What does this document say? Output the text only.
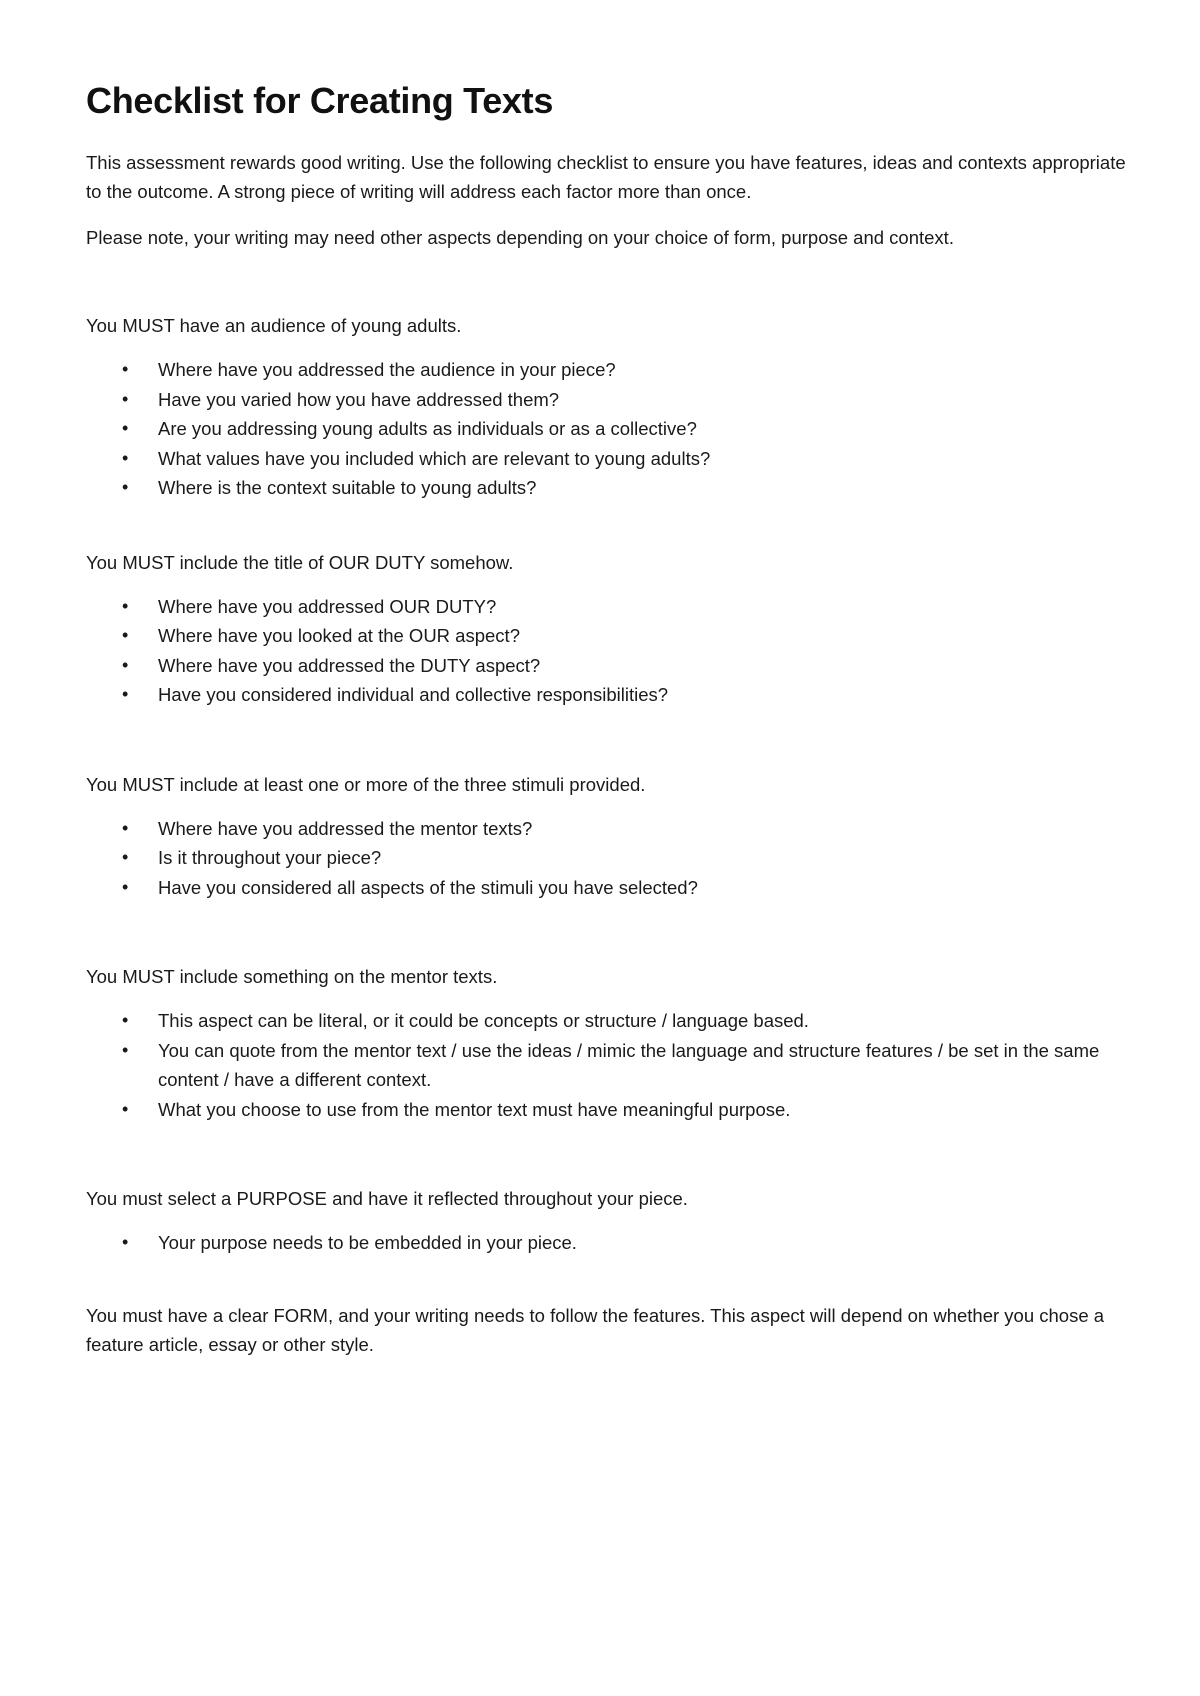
Checklist for Creating Texts

This assessment rewards good writing. Use the following checklist to ensure you have features, ideas and contexts appropriate to the outcome. A strong piece of writing will address each factor more than once.

Please note, your writing may need other aspects depending on your choice of form, purpose and context.

You MUST have an audience of young adults.

•	Where have you addressed the audience in your piece?
•	Have you varied how you have addressed them?
•	Are you addressing young adults as individuals or as a collective?
•	What values have you included which are relevant to young adults?
•	Where is the context suitable to young adults?

You MUST include the title of OUR DUTY somehow.

•	Where have you addressed OUR DUTY?
•	Where have you looked at the OUR aspect?
•	Where have you addressed the DUTY aspect?
•	Have you considered individual and collective responsibilities?

You MUST include at least one or more of the three stimuli provided.

•	Where have you addressed the mentor texts?
•	Is it throughout your piece?
•	Have you considered all aspects of the stimuli you have selected?

You MUST include something on the mentor texts.

•	This aspect can be literal, or it could be concepts or structure / language based.
•	You can quote from the mentor text / use the ideas / mimic the language and structure features / be set in the same content / have a different context.
•	What you choose to use from the mentor text must have meaningful purpose.

You must select a PURPOSE and have it reflected throughout your piece.

•	Your purpose needs to be embedded in your piece.

You must have a clear FORM, and your writing needs to follow the features. This aspect will depend on whether you chose a feature article, essay or other style.
